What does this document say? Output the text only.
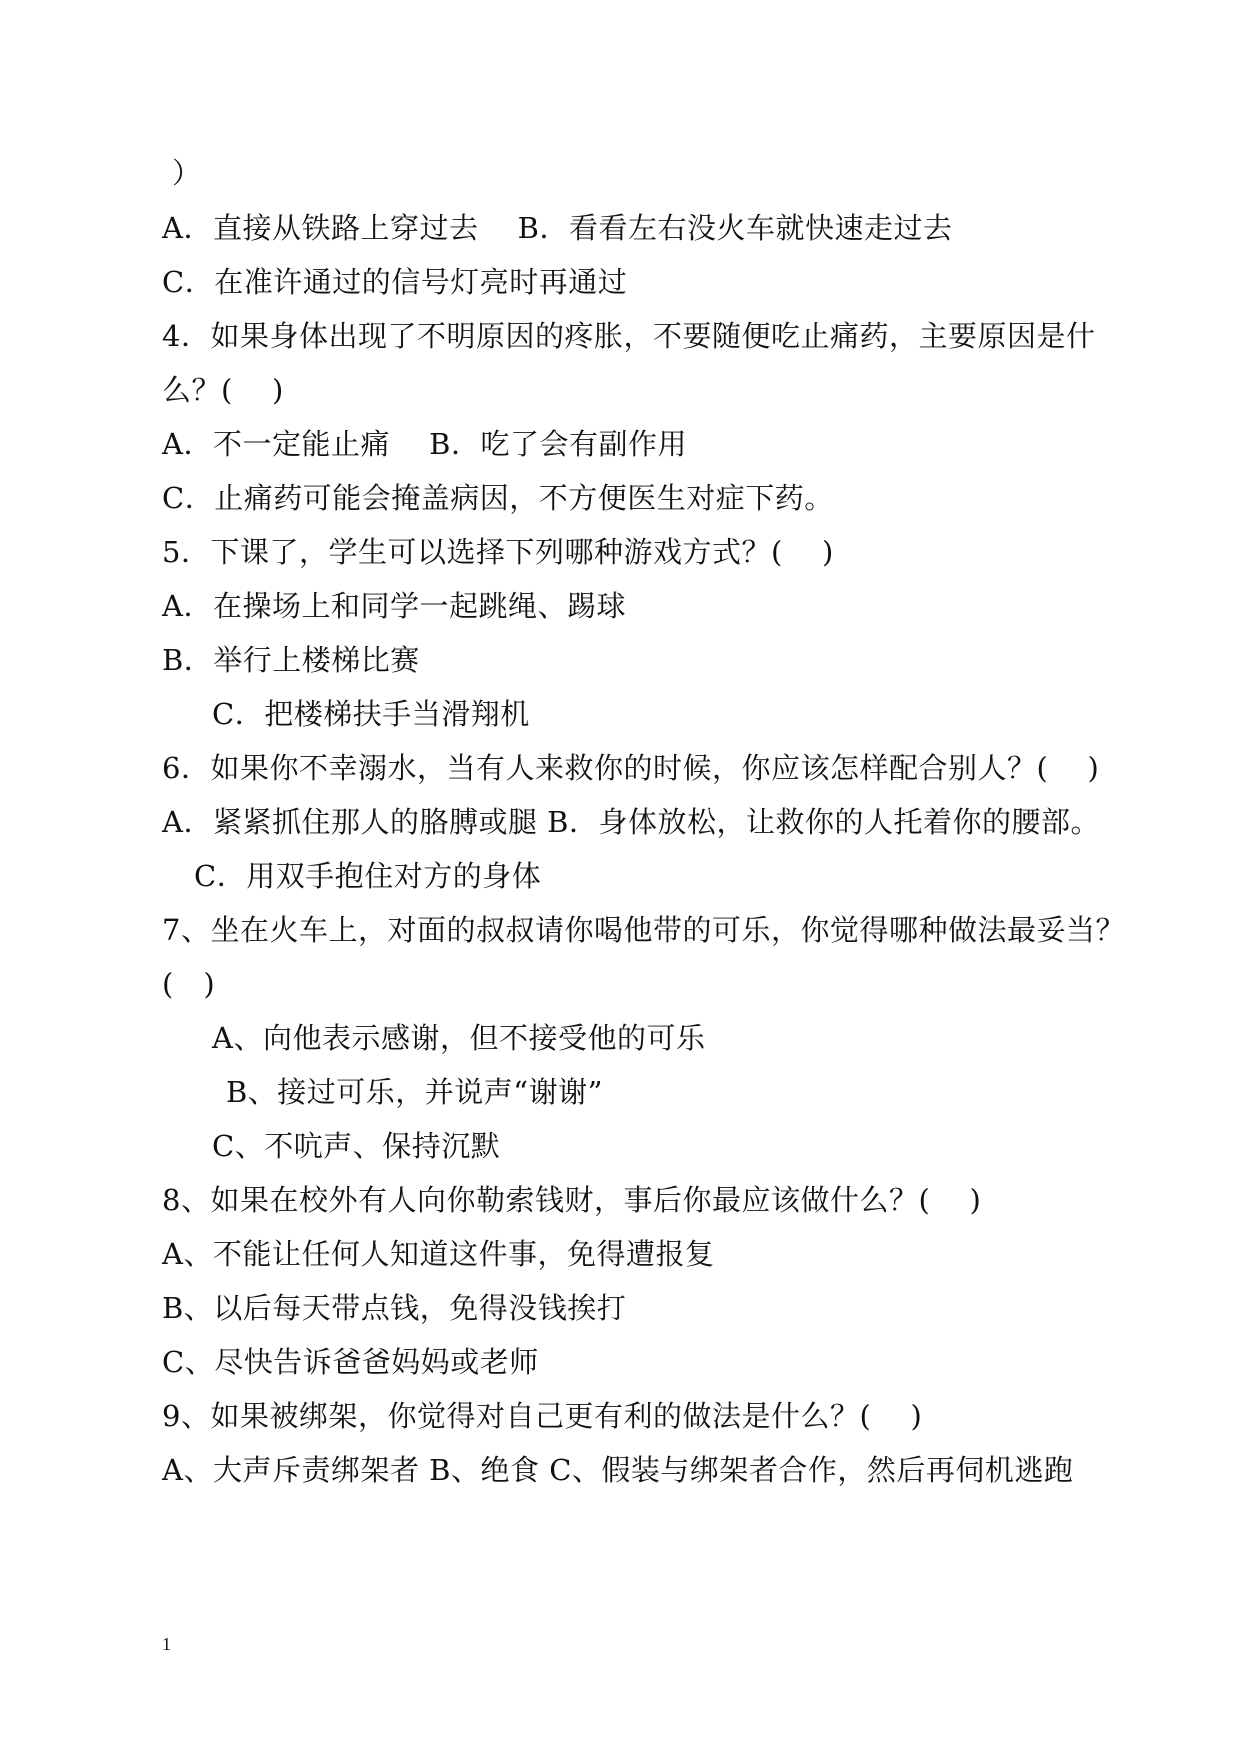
）
A．直接从铁路上穿过去　 B．看看左右没火车就快速走过去
C．在准许通过的信号灯亮时再通过
4．如果身体出现了不明原因的疼胀，不要随便吃止痛药，主要原因是什
么？(　 )
A．不一定能止痛　 B．吃了会有副作用
C．止痛药可能会掩盖病因，不方便医生对症下药。
5．下课了，学生可以选择下列哪种游戏方式？(　 )
A．在操场上和同学一起跳绳、踢球
B．举行上楼梯比赛
C．把楼梯扶手当滑翔机
6．如果你不幸溺水，当有人来救你的时候，你应该怎样配合别人？(　 )
A．紧紧抓住那人的胳膊或腿 B．身体放松，让救你的人托着你的腰部。
C．用双手抱住对方的身体
7、坐在火车上，对面的叔叔请你喝他带的可乐，你觉得哪种做法最妥当？
(　)
A、向他表示感谢，但不接受他的可乐
B、接过可乐，并说声“谢谢”
C、不吭声、保持沉默
8、如果在校外有人向你勒索钱财，事后你最应该做什么？(　 )
A、不能让任何人知道这件事，免得遭报复
B、以后每天带点钱，免得没钱挨打
C、尽快告诉爸爸妈妈或老师
9、如果被绑架，你觉得对自己更有利的做法是什么？(　 )
A、大声斥责绑架者 B、绝食 C、假装与绑架者合作，然后再伺机逃跑
1
